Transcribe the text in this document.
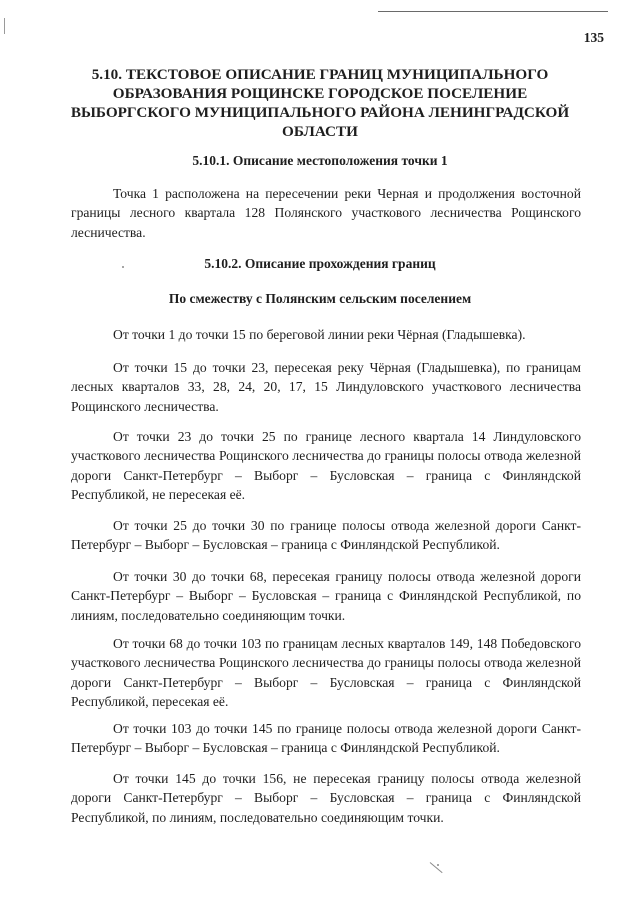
135
5.10. ТЕКСТОВОЕ ОПИСАНИЕ ГРАНИЦ МУНИЦИПАЛЬНОГО ОБРАЗОВАНИЯ РОЩИНСКЕ ГОРОДСКОЕ ПОСЕЛЕНИЕ ВЫБОРГСКОГО МУНИЦИПАЛЬНОГО РАЙОНА ЛЕНИНГРАДСКОЙ ОБЛАСТИ
5.10.1. Описание местоположения точки 1

Точка 1 расположена на пересечении реки Черная и продолжения восточной границы лесного квартала 128 Полянского участкового лесничества Рощинского лесничества.

5.10.2. Описание прохождения границ
По смежеству с Полянским сельским поселением

От точки 1 до точки 15 по береговой линии реки Чёрная (Гладышевка).

От точки 15 до точки 23, пересекая реку Чёрная (Гладышевка), по границам лесных кварталов 33, 28, 24, 20, 17, 15 Линдуловского участкового лесничества Рощинского лесничества.

От точки 23 до точки 25 по границе лесного квартала 14 Линдуловского участкового лесничества Рощинского лесничества до границы полосы отвода железной дороги Санкт-Петербург – Выборг – Бусловская – граница с Финляндской Республикой, не пересекая её.

От точки 25 до точки 30 по границе полосы отвода железной дороги Санкт-Петербург – Выборг – Бусловская – граница с Финляндской Республикой.

От точки 30 до точки 68, пересекая границу полосы отвода железной дороги Санкт-Петербург – Выборг – Бусловская – граница с Финляндской Республикой, по линиям, последовательно соединяющим точки.

От точки 68 до точки 103 по границам лесных кварталов 149, 148 Победовского участкового лесничества Рощинского лесничества до границы полосы отвода железной дороги Санкт-Петербург – Выборг – Бусловская – граница с Финляндской Республикой, пересекая её.

От точки 103 до точки 145 по границе полосы отвода железной дороги Санкт-Петербург – Выборг – Бусловская – граница с Финляндской Республикой.

От точки 145 до точки 156, не пересекая границу полосы отвода железной дороги Санкт-Петербург – Выборг – Бусловская – граница с Финляндской Республикой, по линиям, последовательно соединяющим точки.
